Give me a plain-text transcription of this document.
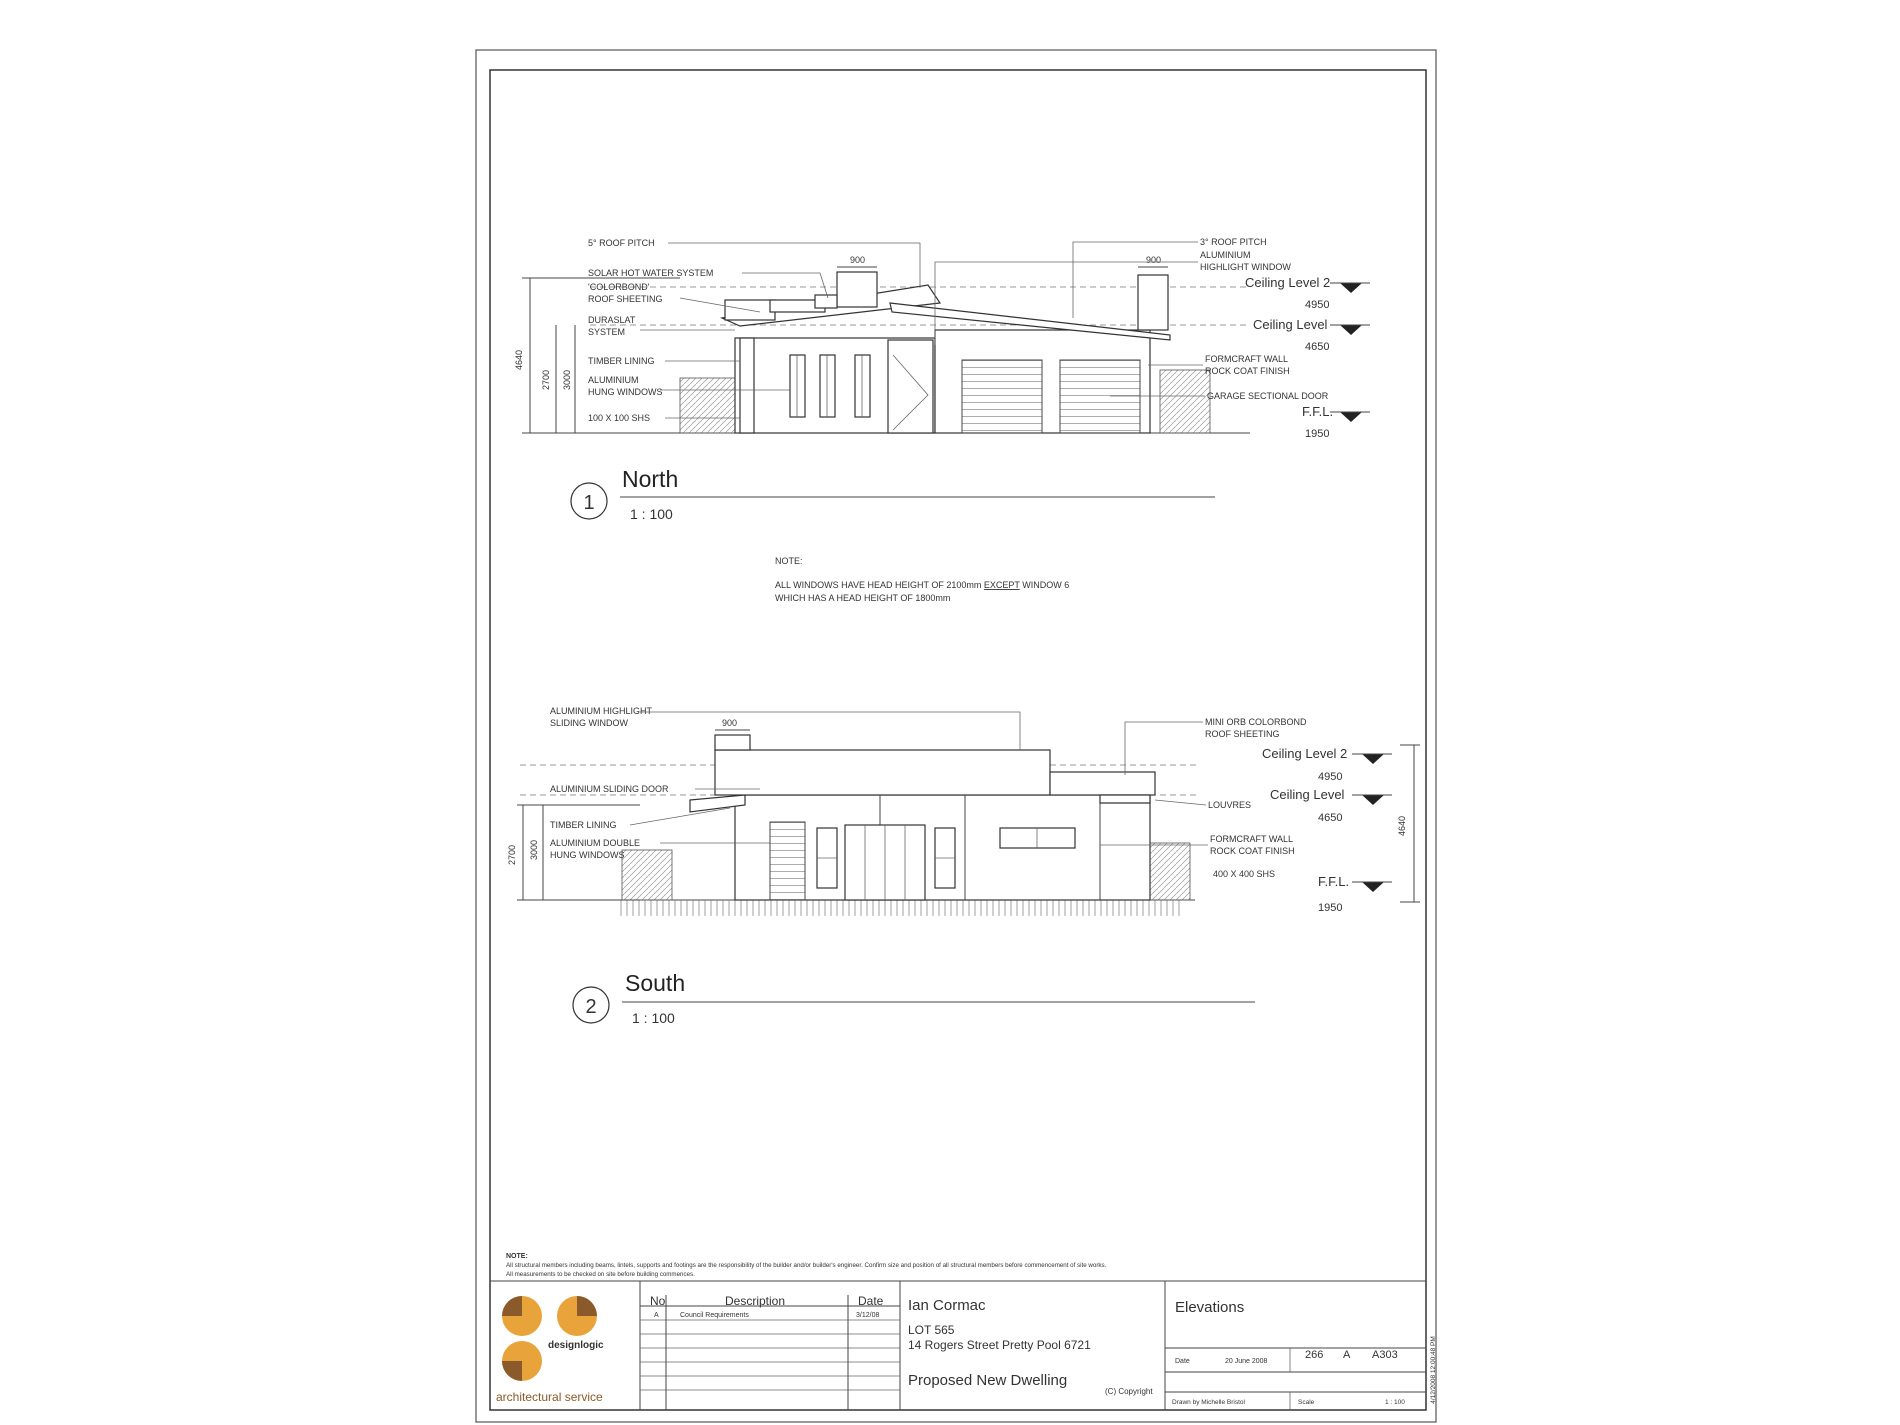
4640
2700 3000
900	900
5° ROOF PITCH
SOLAR HOT WATER SYSTEM
'COLORBOND'
ROOF SHEETING
DURASLAT
SYSTEM
TIMBER LINING
ALUMINIUM
HUNG WINDOWS
100 X 100 SHS
3° ROOF PITCH
ALUMINIUM
HIGHLIGHT WINDOW
FORMCRAFT WALL
ROCK COAT FINISH
GARAGE SECTIONAL DOOR
Ceiling Level 2
4950
Ceiling Level
4650
F.F.L.
1950
1
North
1 : 100
NOTE:
ALL WINDOWS HAVE HEAD HEIGHT OF 2100mm EXCEPT WINDOW 6
WHICH HAS A HEAD HEIGHT OF 1800mm
2700 3000
4640
900
ALUMINIUM HIGHLIGHT
SLIDING WINDOW
ALUMINIUM SLIDING DOOR
TIMBER LINING
ALUMINIUM DOUBLE
HUNG WINDOWS
MINI ORB COLORBOND
ROOF SHEETING
LOUVRES
FORMCRAFT WALL
ROCK COAT FINISH
400 X 400 SHS
Ceiling Level 2
4950
Ceiling Level
4650
F.F.L.
1950
2
South
1 : 100
NOTE:
All structural members including beams, lintels, supports and footings are the responsibility of the builder and/or builder's engineer. Confirm size and position of all structural members before commencement of site works.
All measurements to be checked on site before building commences.
designlogic
architectural service
No	Description	Date
A	Council Requirements	3/12/08
Ian Cormac
LOT 565
14 Rogers Street Pretty Pool 6721
Proposed New Dwelling
(C) Copyright
Elevations
Date	20 June 2008
266 A A303
Drawn by Michelle Bristol	Scale	1 : 100	4/12/2008 12:00:48 PM
